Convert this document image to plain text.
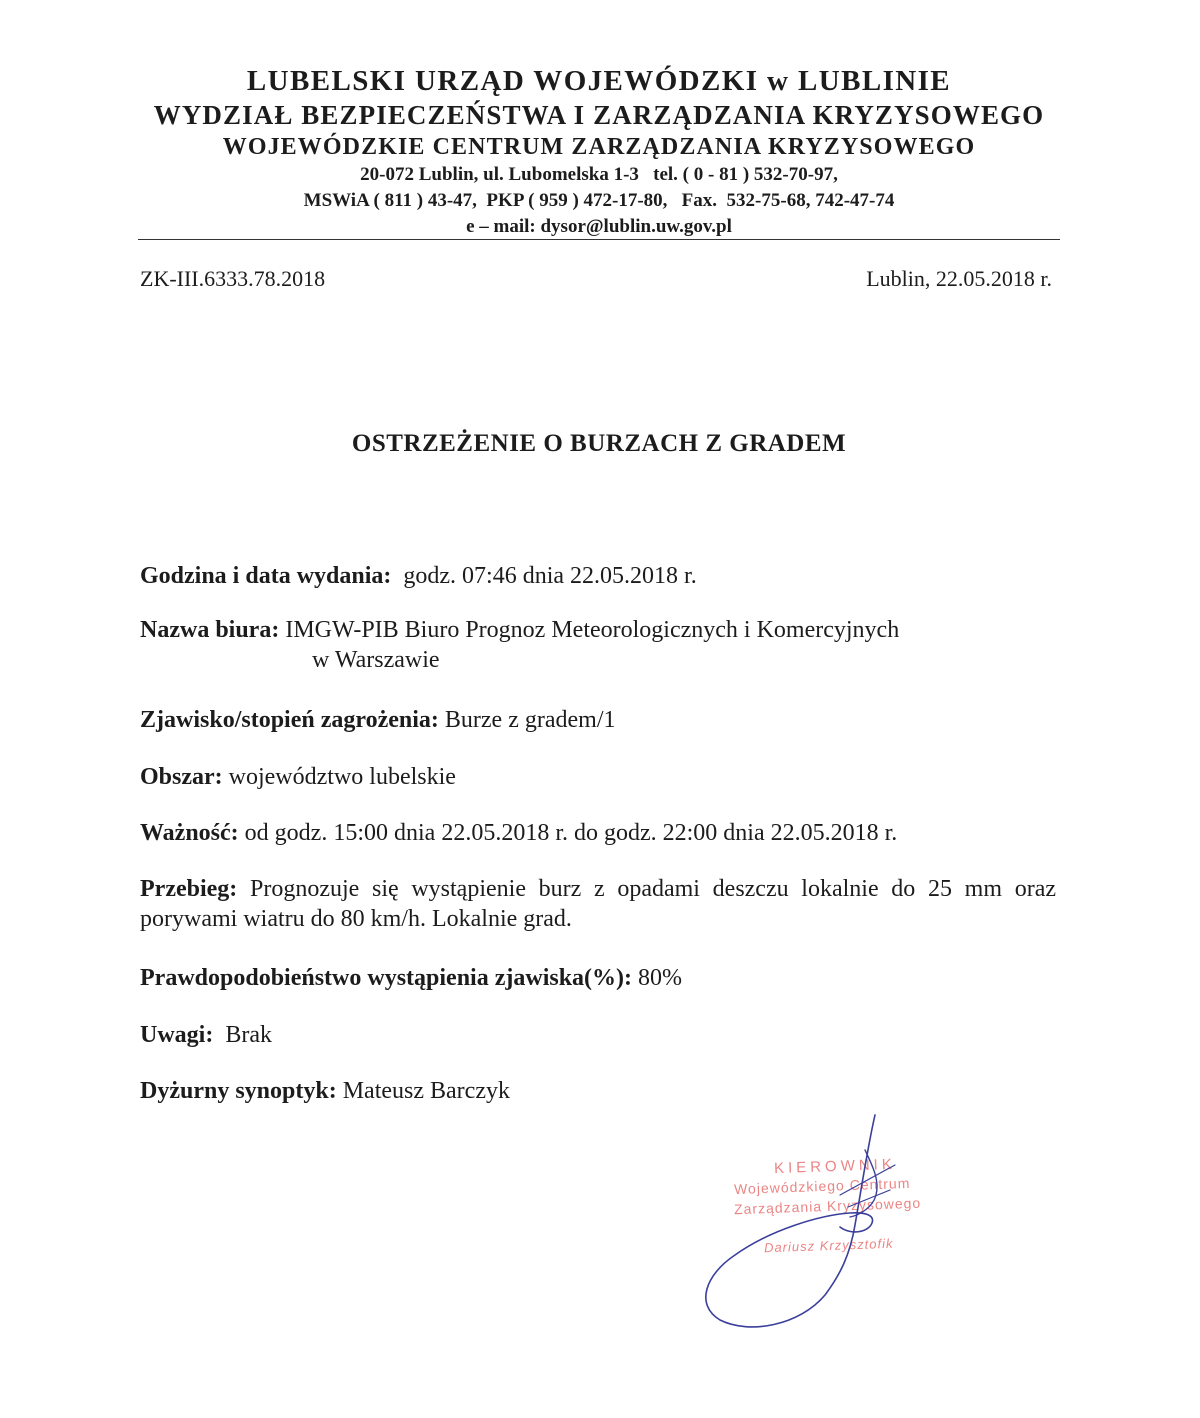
LUBELSKI URZĄD WOJEWÓDZKI w LUBLINIE
WYDZIAŁ BEZPIECZEŃSTWA I ZARZĄDZANIA KRYZYSOWEGO
WOJEWÓDZKIE CENTRUM ZARZĄDZANIA KRYZYSOWEGO
20-072 Lublin, ul. Lubomelska 1-3   tel. ( 0 - 81 ) 532-70-97,
MSWiA ( 811 ) 43-47,  PKP ( 959 ) 472-17-80,   Fax.  532-75-68, 742-47-74
e – mail: dysor@lublin.uw.gov.pl
ZK-III.6333.78.2018	Lublin, 22.05.2018 r.
OSTRZEŻENIE O BURZACH Z GRADEM
Godzina i data wydania: godz. 07:46 dnia 22.05.2018 r.
Nazwa biura: IMGW-PIB Biuro Prognoz Meteorologicznych i Komercyjnych
w Warszawie
Zjawisko/stopień zagrożenia: Burze z gradem/1
Obszar: województwo lubelskie
Ważność: od godz. 15:00 dnia 22.05.2018 r. do godz. 22:00 dnia 22.05.2018 r.
Przebieg: Prognozuje się wystąpienie burz z opadami deszczu lokalnie do 25 mm oraz porywami wiatru do 80 km/h. Lokalnie grad.
Prawdopodobieństwo wystąpienia zjawiska(%): 80%
Uwagi: Brak
Dyżurny synoptyk: Mateusz Barczyk
KIEROWNIK
Wojewódzkiego Centrum
Zarządzania Kryzysowego
Dariusz Krzysztofik
